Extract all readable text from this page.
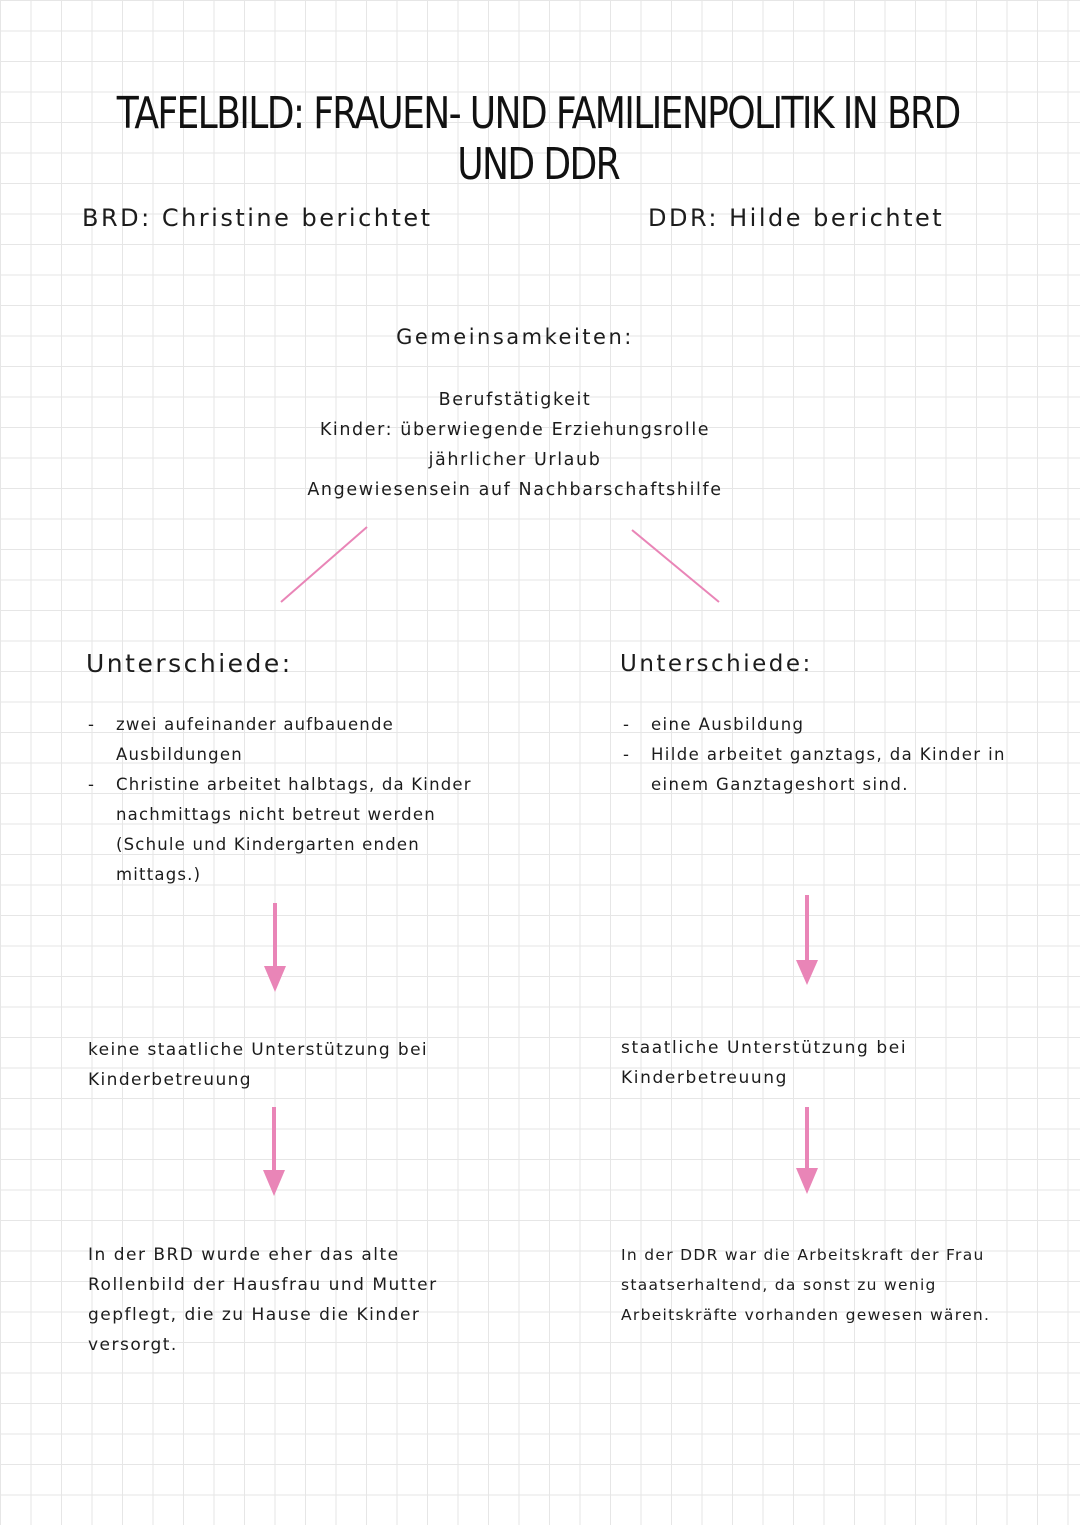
TAFELBILD: FRAUEN- UND FAMILIENPOLITIK IN BRD UND DDR
BRD: Christine berichtet	DDR: Hilde berichtet
Gemeinsamkeiten:
Berufstätigkeit
Kinder: überwiegende Erziehungsrolle
jährlicher Urlaub
Angewiesensein auf Nachbarschaftshilfe
Unterschiede:	Unterschiede:
- zwei aufeinander aufbauende Ausbildungen
- Christine arbeitet halbtags, da Kinder nachmittags nicht betreut werden (Schule und Kindergarten enden mittags.)
- eine Ausbildung
- Hilde arbeitet ganztags, da Kinder in einem Ganztageshort sind.
keine staatliche Unterstützung bei Kinderbetreuung
staatliche Unterstützung bei Kinderbetreuung
In der BRD wurde eher das alte Rollenbild der Hausfrau und Mutter gepflegt, die zu Hause die Kinder versorgt.
In der DDR war die Arbeitskraft der Frau staatserhaltend, da sonst zu wenig Arbeitskräfte vorhanden gewesen wären.
